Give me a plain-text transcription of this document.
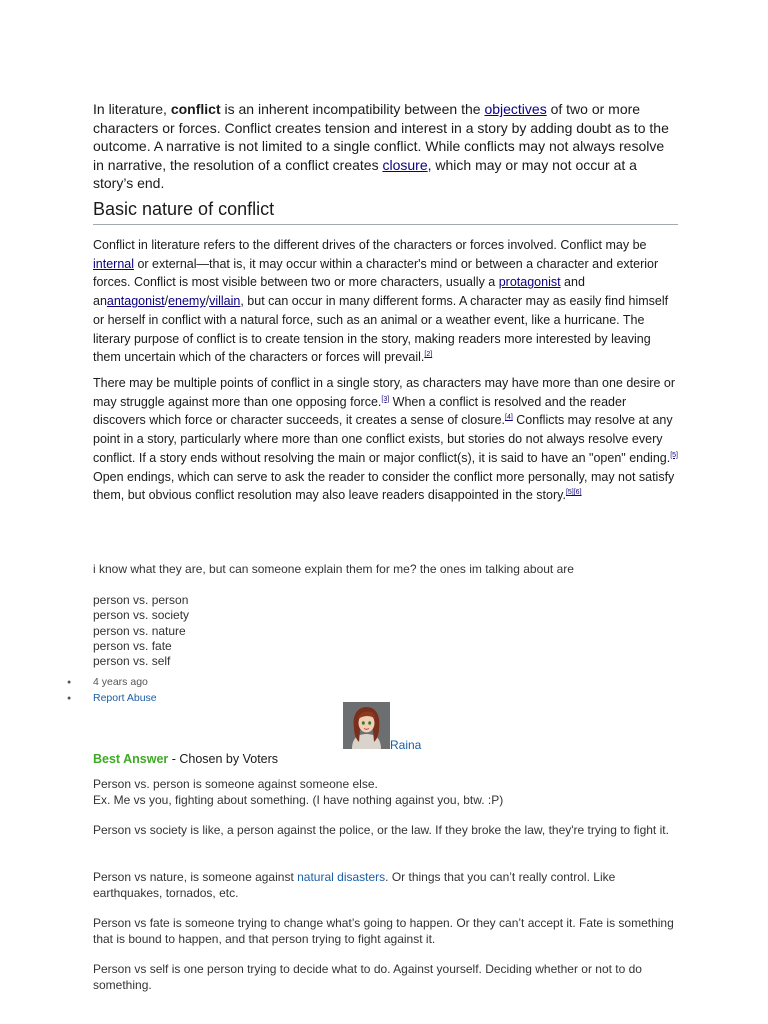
In literature, conflict is an inherent incompatibility between the objectives of two or more characters or forces. Conflict creates tension and interest in a story by adding doubt as to the outcome. A narrative is not limited to a single conflict. While conflicts may not always resolve in narrative, the resolution of a conflict creates closure, which may or may not occur at a story’s end.

Basic nature of conflict

Conflict in literature refers to the different drives of the characters or forces involved. Conflict may be internal or external—that is, it may occur within a character's mind or between a character and exterior forces. Conflict is most visible between two or more characters, usually a protagonist and anantagonist/enemy/villain, but can occur in many different forms. A character may as easily find himself or herself in conflict with a natural force, such as an animal or a weather event, like a hurricane. The literary purpose of conflict is to create tension in the story, making readers more interested by leaving them uncertain which of the characters or forces will prevail.[2]

There may be multiple points of conflict in a single story, as characters may have more than one desire or may struggle against more than one opposing force.[3] When a conflict is resolved and the reader discovers which force or character succeeds, it creates a sense of closure.[4] Conflicts may resolve at any point in a story, particularly where more than one conflict exists, but stories do not always resolve every conflict. If a story ends without resolving the main or major conflict(s), it is said to have an "open" ending.[5] Open endings, which can serve to ask the reader to consider the conflict more personally, may not satisfy them, but obvious conflict resolution may also leave readers disappointed in the story.[5][6]

i know what they are, but can someone explain them for me? the ones im talking about are
person vs. person
person vs. society
person vs. nature
person vs. fate
person vs. self
● 4 years ago
● Report Abuse
Raina
Best Answer - Chosen by Voters
Person vs. person is someone against someone else.
Ex. Me vs you, fighting about something. (I have nothing against you, btw. :P)
Person vs society is like, a person against the police, or the law. If they broke the law, they're trying to fight it.
Person vs nature, is someone against natural disasters. Or things that you can’t really control. Like earthquakes, tornados, etc.
Person vs fate is someone trying to change what’s going to happen. Or they can’t accept it. Fate is something that is bound to happen, and that person trying to fight against it.
Person vs self is one person trying to decide what to do. Against yourself. Deciding whether or not to do something.
